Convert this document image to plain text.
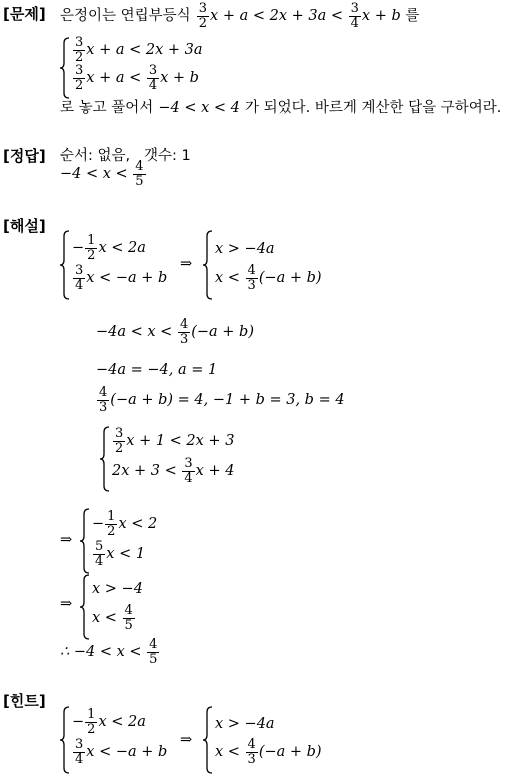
[문제] 은정이는 연립부등식 $\frac{3}{2}$ $x + a < 2x + 3a < \frac{3}{4}$ x + b 를
$\frac{3}{2}$ x + a < 2x + 3a
$\frac{3}{2}$ $x + a < \frac{3}{4}$ x + b
로 놓고 풀어서 −4 < x < 4 가 되었다. 바르게 계산한 답을 구하여라.
[정답] 순서: 없음, 갯수: 1
$-4 < x < \frac{4}{5}$
[해설]
− $\frac{1}{2}$ x < 2a
$\frac{3}{4}$ x < −a + b
⇒
x > −4a
$x < \frac{4}{3} (-a + b)$
$-4a < x < \frac{4}{3} (-a + b)$
−4a = −4, a = 1
$\frac{4}{3} (-a + b) = 4$, −1 + b = 3, b = 4
$\frac{3}{2}$ x + 1 < 2x + 3
$2x + 3 < \frac{3}{4}$ x + 4
⇒
− $\frac{1}{2}$ x < 2
$\frac{5}{4}$ x < 1
⇒
x > −4
$x < \frac{4}{5}$
∴ $-4 < x < \frac{4}{5}$
[힌트]
− $\frac{1}{2}$ x < 2a
$\frac{3}{4}$ x < −a + b
⇒
x > −4a
$x < \frac{4}{3} (-a + b)$
